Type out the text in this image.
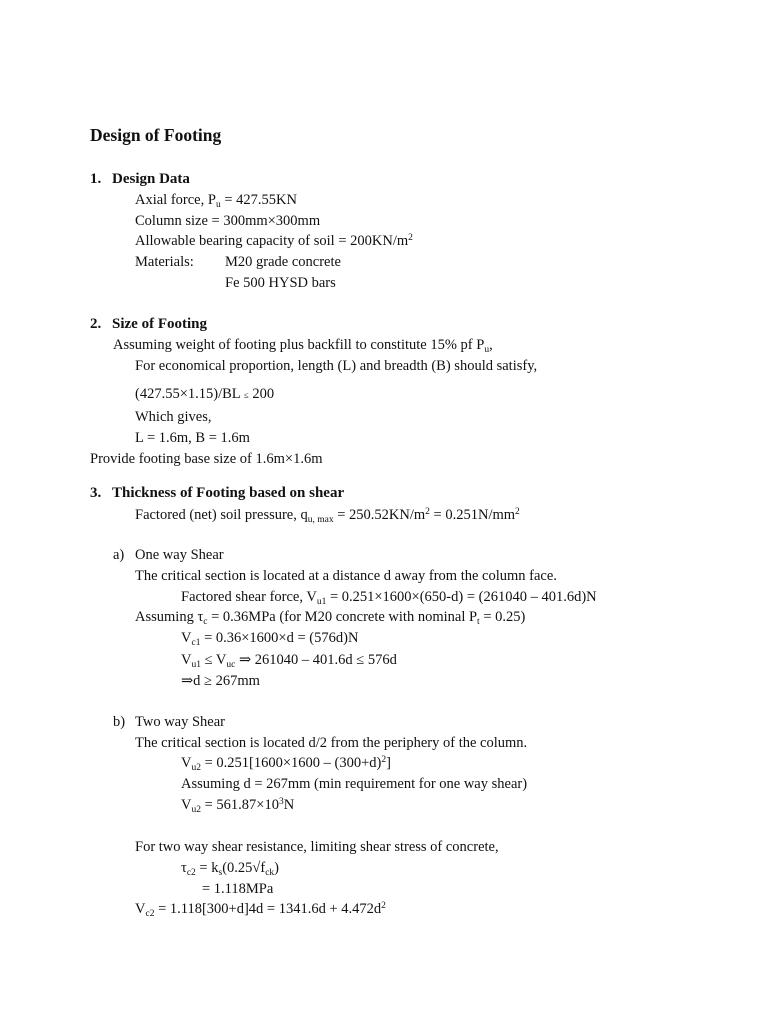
Design of Footing
1. Design Data
Axial force, $P_u = 427.55KN$
Column size = 300mm×300mm
Allowable bearing capacity of soil = $200KN/m^2$
Materials: M20 grade concrete
Fe 500 HYSD bars
2. Size of Footing
Assuming weight of footing plus backfill to constitute 15% pf $P_u$,
For economical proportion, length (L) and breadth (B) should satisfy,
(427.55×1.15)/BL ≤ 200
Which gives,
L = 1.6m, B = 1.6m
Provide footing base size of 1.6m×1.6m
3. Thickness of Footing based on shear
Factored (net) soil pressure, $q_{u, max} = 250.52KN/m^2 = 0.251N/mm^2$
a) One way Shear
The critical section is located at a distance d away from the column face.
Factored shear force, $V_{u1} = 0.251\times 1600\times(650-d) = (261040 - 401.6d)N$
Assuming $\tau_c = 0.36MPa$ (for M20 concrete with nominal $P_t = 0.25$)
$V_{c1} = 0.36\times 1600\times d = (576d)N$
$V_{u1} \le V_{uc}$ ⇒ 261040 – 401.6d ≤ 576d
⇒d ≥ 267mm
b) Two way Shear
The critical section is located d/2 from the periphery of the column.
$V_{u2} = 0.251[1600\times 1600 - (300+d)^2]$
Assuming d = 267mm (min requirement for one way shear)
$V_{u2} = 561.87\times 10^3N$
For two way shear resistance, limiting shear stress of concrete,
$\tau_{c2} = k_s(0.25√f_{ck})$
= 1.118MPa
$V_{c2} = 1.118[300+d]4d = 1341.6d + 4.472d^2$
